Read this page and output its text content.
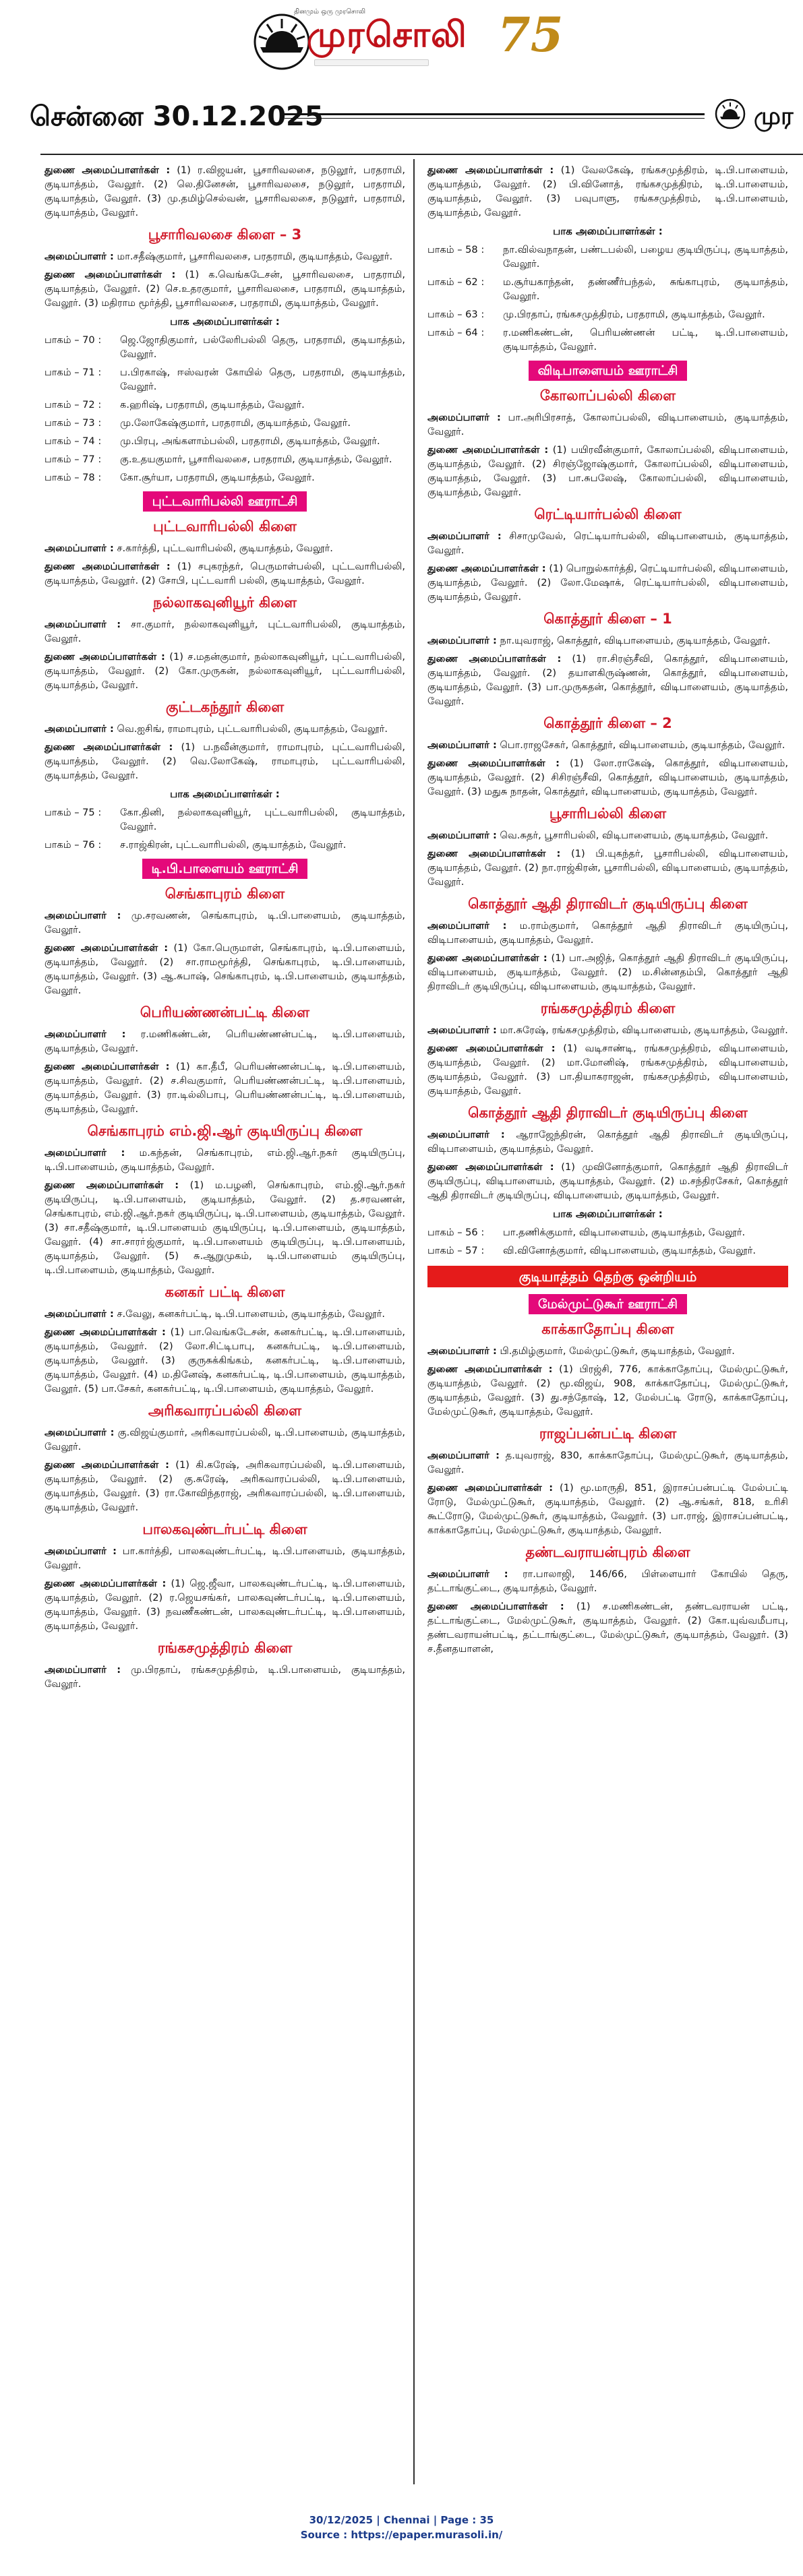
தினமும் ஒரு முரசொலி
முரசொலி 75
சென்னை 30.12.2025	முர
துணை அமைப்பாளர்கள் : (1) ர.விஜயன், பூசாரிவலசை, நடுலூர், பரதராமி, குடியாத்தம், வேலூர். (2) லெ.தினேசன், பூசாரிவலசை, நடுலூர், பரதராமி, குடியாத்தம், வேலூர். (3) மு.தமிழ்செல்வன், பூசாரிவலசை, நடுலூர், பரதராமி, குடியாத்தம், வேலூர்.
பூசாரிவலசை கிளை – 3
அமைப்பாளர் : மா.சதீஷ்குமார், பூசாரிவலசை, பரதராமி, குடியாத்தம், வேலூர்.
துணை அமைப்பாளர்கள் : (1) க.வெங்கடேசன், பூசாரிவலசை, பரதராமி, குடியாத்தம், வேலூர். (2) செ.உதரகுமார், பூசாரிவலசை, பரதராமி, குடியாத்தம், வேலூர். (3) மதிராம மூர்த்தி, பூசாரிவலசை, பரதராமி, குடியாத்தம், வேலூர்.
பாக அமைப்பாளர்கள் :
பாகம் – 70 :	ஜெ.ஜோதிகுமார், பல்லேரிபல்லி தெரு, பரதராமி, குடியாத்தம், வேலூர்.
பாகம் – 71 :	ப.பிரகாஷ், ஈஸ்வரன் கோயில் தெரு, பரதராமி, குடியாத்தம், வேலூர்.
பாகம் – 72 :	க.ஹரிஷ், பரதராமி, குடியாத்தம், வேலூர்.
பாகம் – 73 :	மு.லோகேஷ்குமார், பரதராமி, குடியாத்தம், வேலூர்.
பாகம் – 74 :	மு.பிரபு, அங்களாம்பல்லி, பரதராமி, குடியாத்தம், வேலூர்.
பாகம் – 77 :	கு.உதயகுமார், பூசாரிவலசை, பரதராமி, குடியாத்தம், வேலூர்.
பாகம் – 78 :	கோ.சூர்யா, பரதராமி, குடியாத்தம், வேலூர்.
புட்டவாரிபல்லி ஊராட்சி
புட்டவாரிபல்லி கிளை
அமைப்பாளர் : ச.கார்த்தி, புட்டவாரிபல்லி, குடியாத்தம், வேலூர்.
துணை அமைப்பாளர்கள் : (1) சபுகரந்தர், பெருமாள்பல்லி, புட்டவாரிபல்லி, குடியாத்தம், வேலூர். (2) சோபி, புட்டவாரி பல்லி, குடியாத்தம், வேலூர்.
நல்லாகவுனியூர் கிளை
அமைப்பாளர் : சா.குமார், நல்லாகவுனியூர், புட்டவாரிபல்லி, குடியாத்தம், வேலூர்.
துணை அமைப்பாளர்கள் : (1) ச.மதன்குமார், நல்லாகவுனியூர், புட்டவாரிபல்லி, குடியாத்தம், வேலூர். (2) கோ.முருகன், நல்லாகவுனியூர், புட்டவாரிபல்லி, குடியாத்தம், வேலூர்.
குட்டகந்தூர் கிளை
அமைப்பாளர் : வெ.ஐசிங், ராமாபுரம், புட்டவாரிபல்லி, குடியாத்தம், வேலூர்.
துணை அமைப்பாளர்கள் : (1) ப.நவீன்குமார், ராமாபுரம், புட்டவாரிபல்லி, குடியாத்தம், வேலூர். (2) வெ.லோகேஷ், ராமாபுரம், புட்டவாரிபல்லி, குடியாத்தம், வேலூர்.
பாக அமைப்பாளர்கள் :
பாகம் – 75 :	கோ.தினி, நல்லாகவுனியூர், புட்டவாரிபல்லி, குடியாத்தம், வேலூர்.
பாகம் – 76 :	ச.ராஜ்கிரன், புட்டவாரிபல்லி, குடியாத்தம், வேலூர்.
டி.பி.பாளையம் ஊராட்சி
செங்காபுரம் கிளை
அமைப்பாளர் : மு.சரவணன், செங்காபுரம், டி.பி.பாளையம், குடியாத்தம், வேலூர்.
துணை அமைப்பாளர்கள் : (1) கோ.பெருமாள், செங்காபுரம், டி.பி.பாளையம், குடியாத்தம், வேலூர். (2) சா.ராமமூர்த்தி, செங்காபுரம், டி.பி.பாளையம், குடியாத்தம், வேலூர். (3) ஆ.சுபாஷ், செங்காபுரம், டி.பி.பாளையம், குடியாத்தம், வேலூர்.
பெரியண்ணன்பட்டி கிளை
அமைப்பாளர் : ர.மணிகண்டன், பெரியண்ணன்பட்டி, டி.பி.பாளையம், குடியாத்தம், வேலூர்.
துணை அமைப்பாளர்கள் : (1) கா.தீபீ, பெரியண்ணன்பட்டி, டி.பி.பாளையம், குடியாத்தம், வேலூர். (2) ச.சிவகுமார், பெரியண்ணன்பட்டி, டி.பி.பாளையம், குடியாத்தம், வேலூர். (3) ரா.டில்லிபாபு, பெரியண்ணன்பட்டி, டி.பி.பாளையம், குடியாத்தம், வேலூர்.
செங்காபுரம் எம்.ஜி.ஆர் குடியிருப்பு கிளை
அமைப்பாளர் : ம.கந்தன், செங்காபுரம், எம்.ஜி.ஆர்.நகர் குடியிருப்பு, டி.பி.பாளையம், குடியாத்தம், வேலூர்.
துணை அமைப்பாளர்கள் : (1) ம.பழனி, செங்காபுரம், எம்.ஜி.ஆர்.நகர் குடியிருப்பு, டி.பி.பாளையம், குடியாத்தம், வேலூர். (2) த.சரவணன், செங்காபுரம், எம்.ஜி.ஆர்.நகர் குடியிருப்பு, டி.பி.பாளையம், குடியாத்தம், வேலூர். (3) சா.சதீஷ்குமார், டி.பி.பாளையம் குடியிருப்பு, டி.பி.பாளையம், குடியாத்தம், வேலூர். (4) சா.சாரா்ஜ்குமார், டி.பி.பாளையம் குடியிருப்பு, டி.பி.பாளையம், குடியாத்தம், வேலூர். (5) சு.ஆறுமுகம், டி.பி.பாளையம் குடியிருப்பு, டி.பி.பாளையம், குடியாத்தம், வேலூர்.
கனகர் பட்டி கிளை
அமைப்பாளர் : ச.வேலு, கனகர்பட்டி, டி.பி.பாளையம், குடியாத்தம், வேலூர்.
துணை அமைப்பாளர்கள் : (1) பா.வெங்கடேசன், கனகர்பட்டி, டி.பி.பாளையம், குடியாத்தம், வேலூர். (2) லோ.சிட்டிபாபு, கனகர்பட்டி, டி.பி.பாளையம், குடியாத்தம், வேலூர். (3) குருசுக்கிங்கம், கனகர்பட்டி, டி.பி.பாளையம், குடியாத்தம், வேலூர். (4) ம.தினேஷ், கனகர்பட்டி, டி.பி.பாளையம், குடியாத்தம், வேலூர். (5) பா.சேகர், கனகர்பட்டி, டி.பி.பாளையம், குடியாத்தம், வேலூர்.
அரிகவாரப்பல்லி கிளை
அமைப்பாளர் : கு.விஜய்குமார், அரிகவாரப்பல்லி, டி.பி.பாளையம், குடியாத்தம், வேலூர்.
துணை அமைப்பாளர்கள் : (1) கி.கரேஷ், அரிகவாரப்பல்லி, டி.பி.பாளையம், குடியாத்தம், வேலூர். (2) கு.சுரேஷ், அரிகவாரப்பல்லி, டி.பி.பாளையம், குடியாத்தம், வேலூர். (3) ரா.கோவிந்தராஜ், அரிகவாரப்பல்லி, டி.பி.பாளையம், குடியாத்தம், வேலூர்.
பாலகவுண்டர்பட்டி கிளை
அமைப்பாளர் : பா.கார்த்தி, பாலகவுண்டர்பட்டி, டி.பி.பாளையம், குடியாத்தம், வேலூர்.
துணை அமைப்பாளர்கள் : (1) ஜெ.ஜீவா, பாலகவுண்டர்பட்டி, டி.பி.பாளையம், குடியாத்தம், வேலூர். (2) ர.ஜெயசங்கர், பாலகவுண்டர்பட்டி, டி.பி.பாளையம், குடியாத்தம், வேலூர். (3) நவணீகண்டன், பாலகவுண்டர்பட்டி, டி.பி.பாளையம், குடியாத்தம், வேலூர்.
ரங்கசமுத்திரம் கிளை
அமைப்பாளர் : மு.பிரதாப், ரங்கசமுத்திரம், டி.பி.பாளையம், குடியாத்தம், வேலூர்.
துணை அமைப்பாளர்கள் : (1) வேலகேஷ், ரங்கசமுத்திரம், டி.பி.பாளையம், குடியாத்தம், வேலூர். (2) பி.வினோத், ரங்கசமுத்திரம், டி.பி.பாளையம், குடியாத்தம், வேலூர். (3) பவுபாளு, ரங்கசமுத்திரம், டி.பி.பாளையம், குடியாத்தம், வேலூர்.
பாக அமைப்பாளர்கள் :
பாகம் – 58 :	நா.வில்வநாதன், பண்டபல்லி, பழைய குடியிருப்பு, குடியாத்தம், வேலூர்.
பாகம் – 62 :	ம.சூர்யகாந்தன், தண்ணீர்பந்தல், சுங்காபுரம், குடியாத்தம், வேலூர்.
பாகம் – 63 :	மு.பிரதாப், ரங்கசமுத்திரம், பரதராமி, குடியாத்தம், வேலூர்.
பாகம் – 64 :	ர.மணிகண்டன், பெரியண்ணன் பட்டி, டி.பி.பாளையம், குடியாத்தம், வேலூர்.
விடிபாளையம் ஊராட்சி
கோலாப்பல்லி கிளை
அமைப்பாளர் : பா.அரிபிரசாத், கோலாப்பல்லி, விடிபாளையம், குடியாத்தம், வேலூர்.
துணை அமைப்பாளர்கள் : (1) பயிரவீன்குமார், கோலாப்பல்லி, விடிபாளையம், குடியாத்தம், வேலூர். (2) சிரஞ்ஜோஷ்குமார், கோலாப்பல்லி, விடிபாளையம், குடியாத்தம், வேலூர். (3) பா.சுபலேஷ், கோலாப்பல்லி, விடிபாளையம், குடியாத்தம், வேலூர்.
ரெட்டியார்பல்லி கிளை
அமைப்பாளர் : சிசாமுவேல், ரெட்டியார்பல்லி, விடிபாளையம், குடியாத்தம், வேலூர்.
துணை அமைப்பாளர்கள் : (1) பொறுல்கார்த்தி, ரெட்டியார்பல்லி, விடிபாளையம், குடியாத்தம், வேலூர். (2) லோ.மேஷாக், ரெட்டியார்பல்லி, விடிபாளையம், குடியாத்தம், வேலூர்.
கொத்தூர் கிளை – 1
அமைப்பாளர் : நா.யுவராஜ், கொத்தூர், விடிபாளையம், குடியாத்தம், வேலூர்.
துணை அமைப்பாளர்கள் : (1) ரா.சிரஞ்சீவி, கொத்தூர், விடிபாளையம், குடியாத்தம், வேலூர். (2) தயாளகிருஷ்ணன், கொத்தூர், விடிபாளையம், குடியாத்தம், வேலூர். (3) பா.முருகதன், கொத்தூர், விடிபாளையம், குடியாத்தம், வேலூர்.
கொத்தூர் கிளை – 2
அமைப்பாளர் : பொ.ராஜசேகர், கொத்தூர், விடிபாளையம், குடியாத்தம், வேலூர்.
துணை அமைப்பாளர்கள் : (1) லோ.ராகேஷ், கொத்தூர், விடிபாளையம், குடியாத்தம், வேலூர். (2) சிசிரஞ்சீவி, கொத்தூர், விடிபாளையம், குடியாத்தம், வேலூர். (3) மதுசு நாதன், கொத்தூர், விடிபாளையம், குடியாத்தம், வேலூர்.
பூசாரிபல்லி கிளை
அமைப்பாளர் : வெ.சுதர், பூசாரிபல்லி, விடிபாளையம், குடியாத்தம், வேலூர்.
துணை அமைப்பாளர்கள் : (1) பி.யுகந்தர், பூசாரிபல்லி, விடிபாளையம், குடியாத்தம், வேலூர். (2) நா.ராஜ்கிரன், பூசாரிபல்லி, விடிபாளையம், குடியாத்தம், வேலூர்.
கொத்தூர் ஆதி திராவிடர் குடியிருப்பு கிளை
அமைப்பாளர் : ம.ராம்குமார், கொத்தூர் ஆதி திராவிடர் குடியிருப்பு, விடிபாளையம், குடியாத்தம், வேலூர்.
துணை அமைப்பாளர்கள் : (1) பா.அஜித், கொத்தூர் ஆதி திராவிடர் குடியிருப்பு, விடிபாளையம், குடியாத்தம், வேலூர். (2) ம.சின்னதம்பி, கொத்தூர் ஆதி திராவிடர் குடியிருப்பு, விடிபாளையம், குடியாத்தம், வேலூர்.
ரங்கசமுத்திரம் கிளை
அமைப்பாளர் : மா.சுரேஷ், ரங்கசமுத்திரம், விடிபாளையம், குடியாத்தம், வேலூர்.
துணை அமைப்பாளர்கள் : (1) வடிசாண்டி, ரங்கசமுத்திரம், விடிபாளையம், குடியாத்தம், வேலூர். (2) மா.மோனிஷ், ரங்கசமுத்திரம், விடிபாளையம், குடியாத்தம், வேலூர். (3) பா.தியாகராஜன், ரங்கசமுத்திரம், விடிபாளையம், குடியாத்தம், வேலூர்.
கொத்தூர் ஆதி திராவிடர் குடியிருப்பு கிளை
அமைப்பாளர் : ஆராஜேந்திரன், கொத்தூர் ஆதி திராவிடர் குடியிருப்பு, விடிபாளையம், குடியாத்தம், வேலூர்.
துணை அமைப்பாளர்கள் : (1) முவினோத்குமார், கொத்தூர் ஆதி திராவிடர் குடியிருப்பு, விடிபாளையம், குடியாத்தம், வேலூர். (2) ம.சந்திரசேகர், கொத்தூர் ஆதி திராவிடர் குடியிருப்பு, விடிபாளையம், குடியாத்தம், வேலூர்.
பாக அமைப்பாளர்கள் :
பாகம் – 56 :	பா.தணிக்குமார், விடிபாளையம், குடியாத்தம், வேலூர்.
பாகம் – 57 :	வி.வினோத்குமார், விடிபாளையம், குடியாத்தம், வேலூர்.
குடியாத்தம் தெற்கு ஒன்றியம்
மேல்முட்டுகூர் ஊராட்சி
காக்காதோப்பு கிளை
அமைப்பாளர் : பி.தமிழ்குமார், மேல்முட்டுகூர், குடியாத்தம், வேலூர்.
துணை அமைப்பாளர்கள் : (1) பிரஜ்சி, 776, காக்காதோப்பு, மேல்முட்டுகூர், குடியாத்தம், வேலூர். (2) மூ.விஜய், 908, காக்காதோப்பு, மேல்முட்டுகூர், குடியாத்தம், வேலூர். (3) து.சந்தோஷ், 12, மேல்பட்டி ரோடு, காக்காதோப்பு, மேல்முட்டுகூர், குடியாத்தம், வேலூர்.
ராஜப்பன்பட்டி கிளை
அமைப்பாளர் : த.யுவராஜ், 830, காக்காதோப்பு, மேல்முட்டுகூர், குடியாத்தம், வேலூர்.
துணை அமைப்பாளர்கள் : (1) மூ.மாருதி, 851, இராசப்பன்பட்டி மேல்பட்டி ரோடு, மேல்முட்டுகூர், குடியாத்தம், வேலூர். (2) ஆ.சங்கர், 818, உரிசி கூட்ரோடு, மேல்முட்டுகூர், குடியாத்தம், வேலூர். (3) பா.ராஜ், இராசப்பன்பட்டி, காக்காதோப்பு, மேல்முட்டுகூர், குடியாத்தம், வேலூர்.
தண்டவராயன்புரம் கிளை
அமைப்பாளர் : ரா.பாலாஜி, 146/66, பிள்ளையார் கோயில் தெரு, தட்டாங்குட்டை, குடியாத்தம், வேலூர்.
துணை அமைப்பாளர்கள் : (1) ச.மணிகண்டன், தண்டவராயன் பட்டி, தட்டாங்குட்டை, மேல்முட்டுகூர், குடியாத்தம், வேலூர். (2) கோ.யுவ்வமீபாபு, தண்டவராயன்பட்டி, தட்டாங்குட்டை, மேல்முட்டுகூர், குடியாத்தம், வேலூர். (3) ச.தீனதயாளன்,
30/12/2025 | Chennai | Page : 35
Source : https://epaper.murasoli.in/
